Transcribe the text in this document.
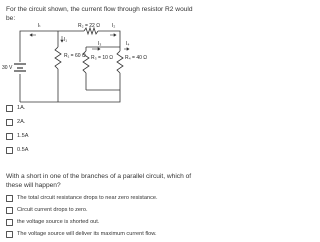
For the circuit shown, the current flow through resistor R2 would be:
Iₜ	R₂ = 22 Ω I₂
I₁
I₃	I₄
R₁ = 60 Ω R₃ = 10 Ω R₄ = 40 Ω
30 V
1A.
2A.
1.5A
0.5A
With a short in one of the branches of a parallel circuit, which of these will happen?
The total circuit resistance drops to near zero resistance.
Circuit current drops to zero.
the voltage source is shorted out.
The voltage source will deliver its maximum current flow.
